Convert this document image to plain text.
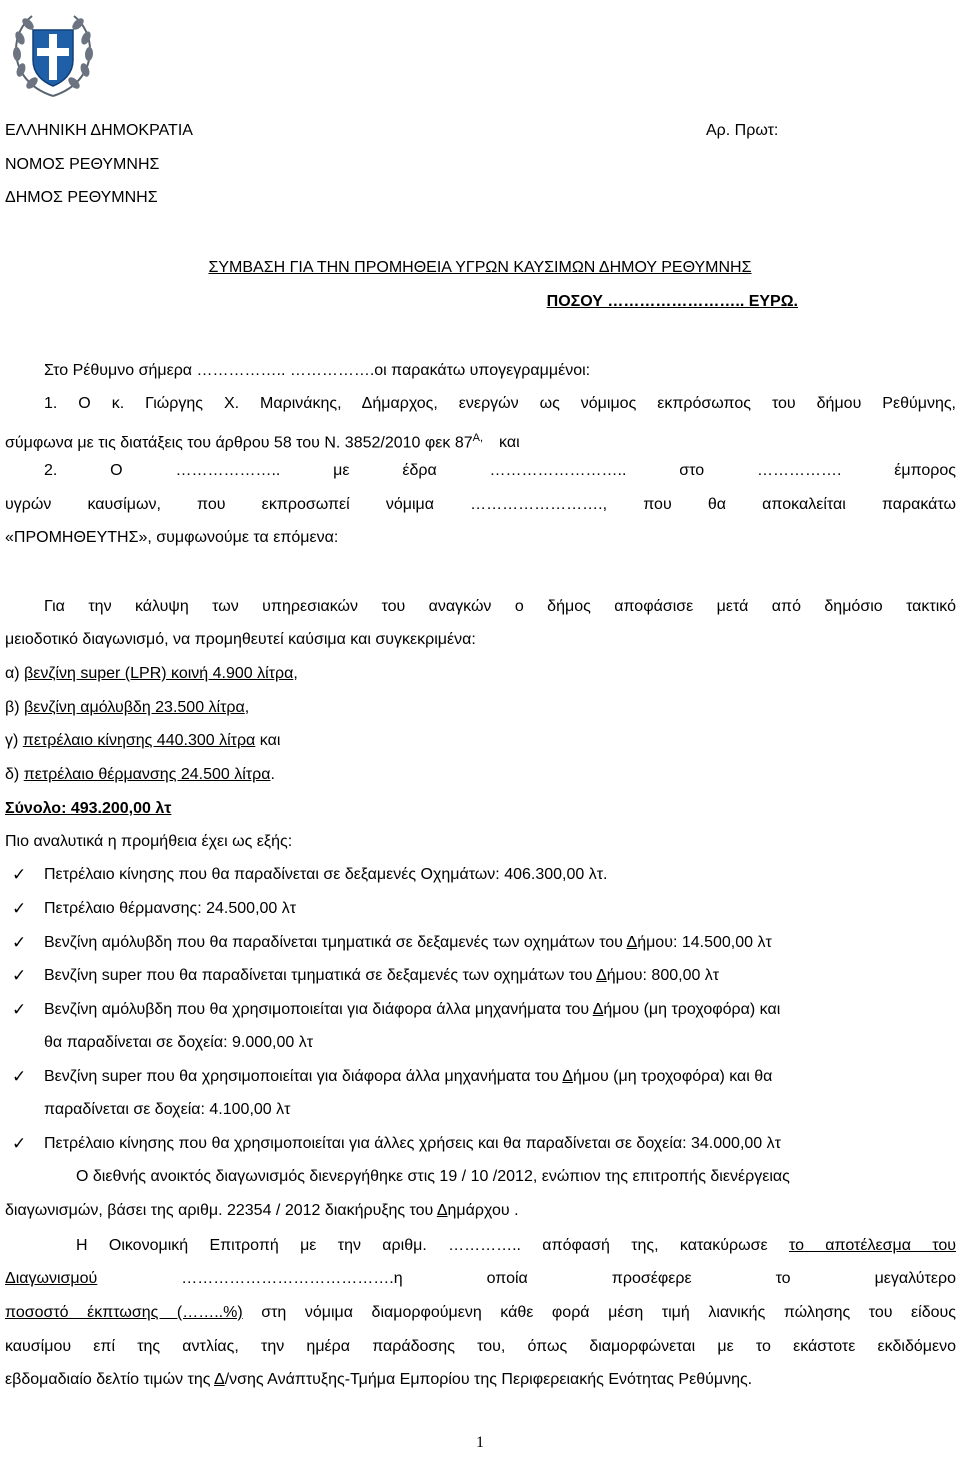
ΕΛΛΗΝΙΚΗ ΔΗΜΟΚΡΑΤΙΑ
ΝΟΜΟΣ ΡΕΘΥΜΝΗΣ
ΔΗΜΟΣ ΡΕΘΥΜΝΗΣ
Αρ. Πρωτ:
ΣΥΜΒΑΣΗ ΓΙΑ ΤΗΝ ΠΡΟΜΗΘΕΙΑ ΥΓΡΩΝ ΚΑΥΣΙΜΩΝ ΔΗΜΟΥ ΡΕΘΥΜΝΗΣ
ΠΟΣΟΥ …………………….. ΕΥΡΩ.
Στο Ρέθυμνο σήμερα …………….. …………….οι παρακάτω υπογεγραμμένοι:
1. Ο κ. Γιώργης Χ. Μαρινάκης, Δήμαρχος, ενεργών ως νόμιμος εκπρόσωπος του δήμου Ρεθύμνης,
σύμφωνα με τις διατάξεις του άρθρου 58 του Ν. 3852/2010 φεκ $87^{A,}$ και
2. Ο ……………….. με έδρα …………………….. στο ……………. έμπορος
υγρών καυσίμων, που εκπροσωπεί νόμιμα ……………………., που θα αποκαλείται παρακάτω
«ΠΡΟΜΗΘΕΥΤΗΣ», συμφωνούμε τα επόμενα:
Για την κάλυψη των υπηρεσιακών του αναγκών ο δήμος αποφάσισε μετά από δημόσιο τακτικό
μειοδοτικό διαγωνισμό, να προμηθευτεί καύσιμα και συγκεκριμένα:
α) βενζίνη super (LPR) κοινή 4.900 λίτρα,
β) βενζίνη αμόλυβδη 23.500 λίτρα,
γ) πετρέλαιο κίνησης 440.300 λίτρα και
δ) πετρέλαιο θέρμανσης 24.500 λίτρα.
Σύνολο: 493.200,00 λτ
Πιο αναλυτικά η προμήθεια έχει ως εξής:
✓ Πετρέλαιο κίνησης που θα παραδίνεται σε δεξαμενές Οχημάτων: 406.300,00 λτ.
✓ Πετρέλαιο θέρμανσης: 24.500,00 λτ
✓ Βενζίνη αμόλυβδη που θα παραδίνεται τμηματικά σε δεξαμενές των οχημάτων του Δήμου: 14.500,00 λτ
✓ Βενζίνη super που θα παραδίνεται τμηματικά σε δεξαμενές των οχημάτων του Δήμου: 800,00 λτ
✓ Βενζίνη αμόλυβδη που θα χρησιμοποιείται για διάφορα άλλα μηχανήματα του Δήμου (μη τροχοφόρα) και
θα παραδίνεται σε δοχεία: 9.000,00 λτ
✓ Βενζίνη super που θα χρησιμοποιείται για διάφορα άλλα μηχανήματα του Δήμου (μη τροχοφόρα) και θα
παραδίνεται σε δοχεία: 4.100,00 λτ
✓ Πετρέλαιο κίνησης που θα χρησιμοποιείται για άλλες χρήσεις και θα παραδίνεται σε δοχεία: 34.000,00 λτ
Ο διεθνής ανοικτός διαγωνισμός διενεργήθηκε στις 19 / 10 /2012, ενώπιον της επιτροπής διενέργειας
διαγωνισμών, βάσει της αριθμ. 22354 / 2012 διακήρυξης του Δημάρχου .
Η Οικονομική Επιτροπή με την αριθμ. ………….. απόφασή της, κατακύρωσε το αποτέλεσμα του
Διαγωνισμού	………………………………….η οποία προσέφερε το μεγαλύτερο
ποσοστό έκπτωσης (……..%) στη νόμιμα διαμορφούμενη κάθε φορά μέση τιμή λιανικής πώλησης του είδους
καυσίμου επί της αντλίας, την ημέρα παράδοσης του, όπως διαμορφώνεται με το εκάστοτε εκδιδόμενο
εβδομαδιαίο δελτίο τιμών της Δ/νσης Ανάπτυξης-Τμήμα Εμπορίου της Περιφερειακής Ενότητας Ρεθύμνης.
1
